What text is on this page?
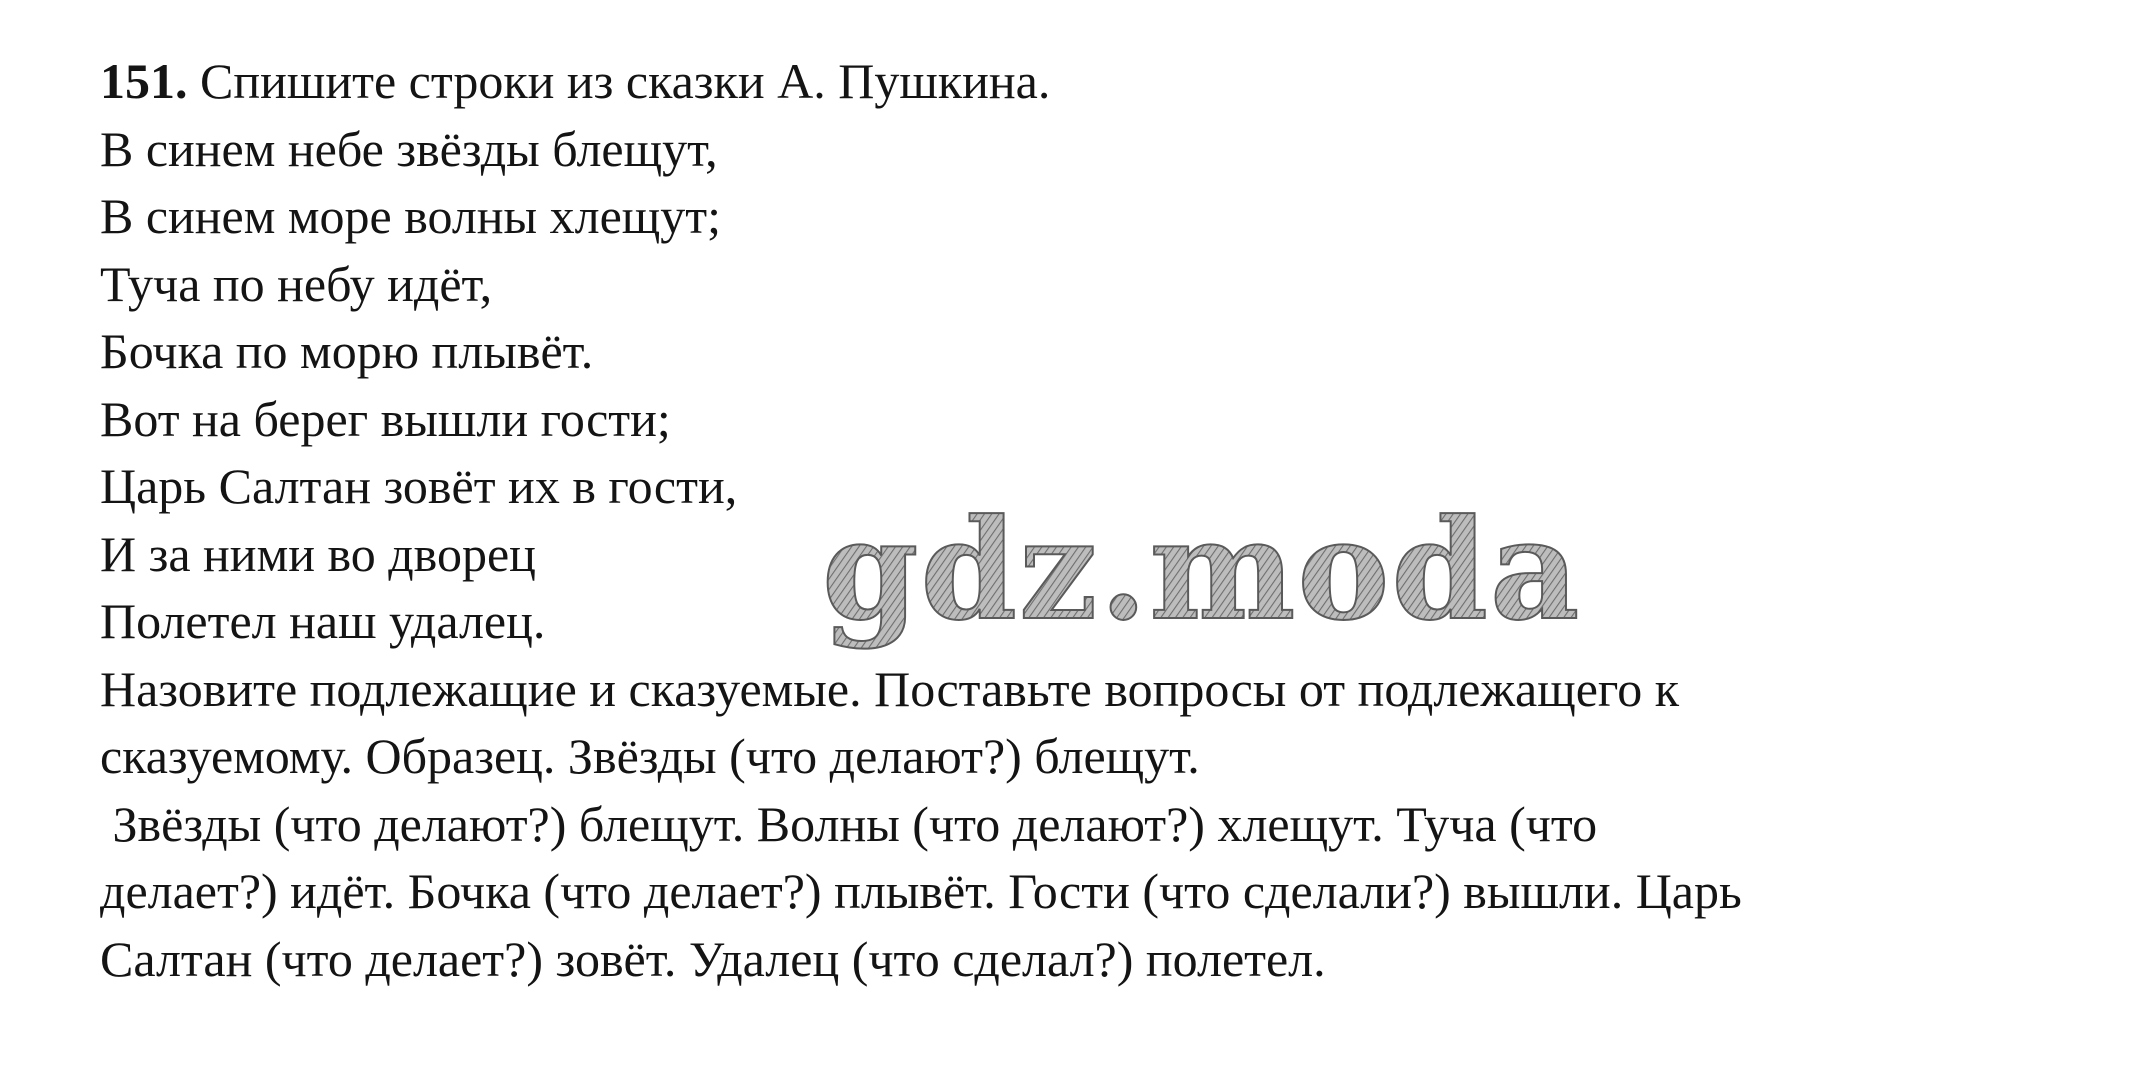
151. Спишите строки из сказки А. Пушкина.

В синем небе звёзды блещут,

В синем море волны хлещут;

Туча по небу идёт,

Бочка по морю плывёт.

Вот на берег вышли гости;

Царь Салтан зовёт их в гости,

И за ними во дворец

Полетел наш удалец.

Назовите подлежащие и сказуемые. Поставьте вопросы от подлежащего к

сказуемому. Образец. Звёзды (что делают?) блещут.

Звёзды (что делают?) блещут. Волны (что делают?) хлещут. Туча (что

делает?) идёт. Бочка (что делает?) плывёт. Гости (что сделали?) вышли. Царь

Салтан (что делает?) зовёт. Удалец (что сделал?) полетел.

gdz.moda
